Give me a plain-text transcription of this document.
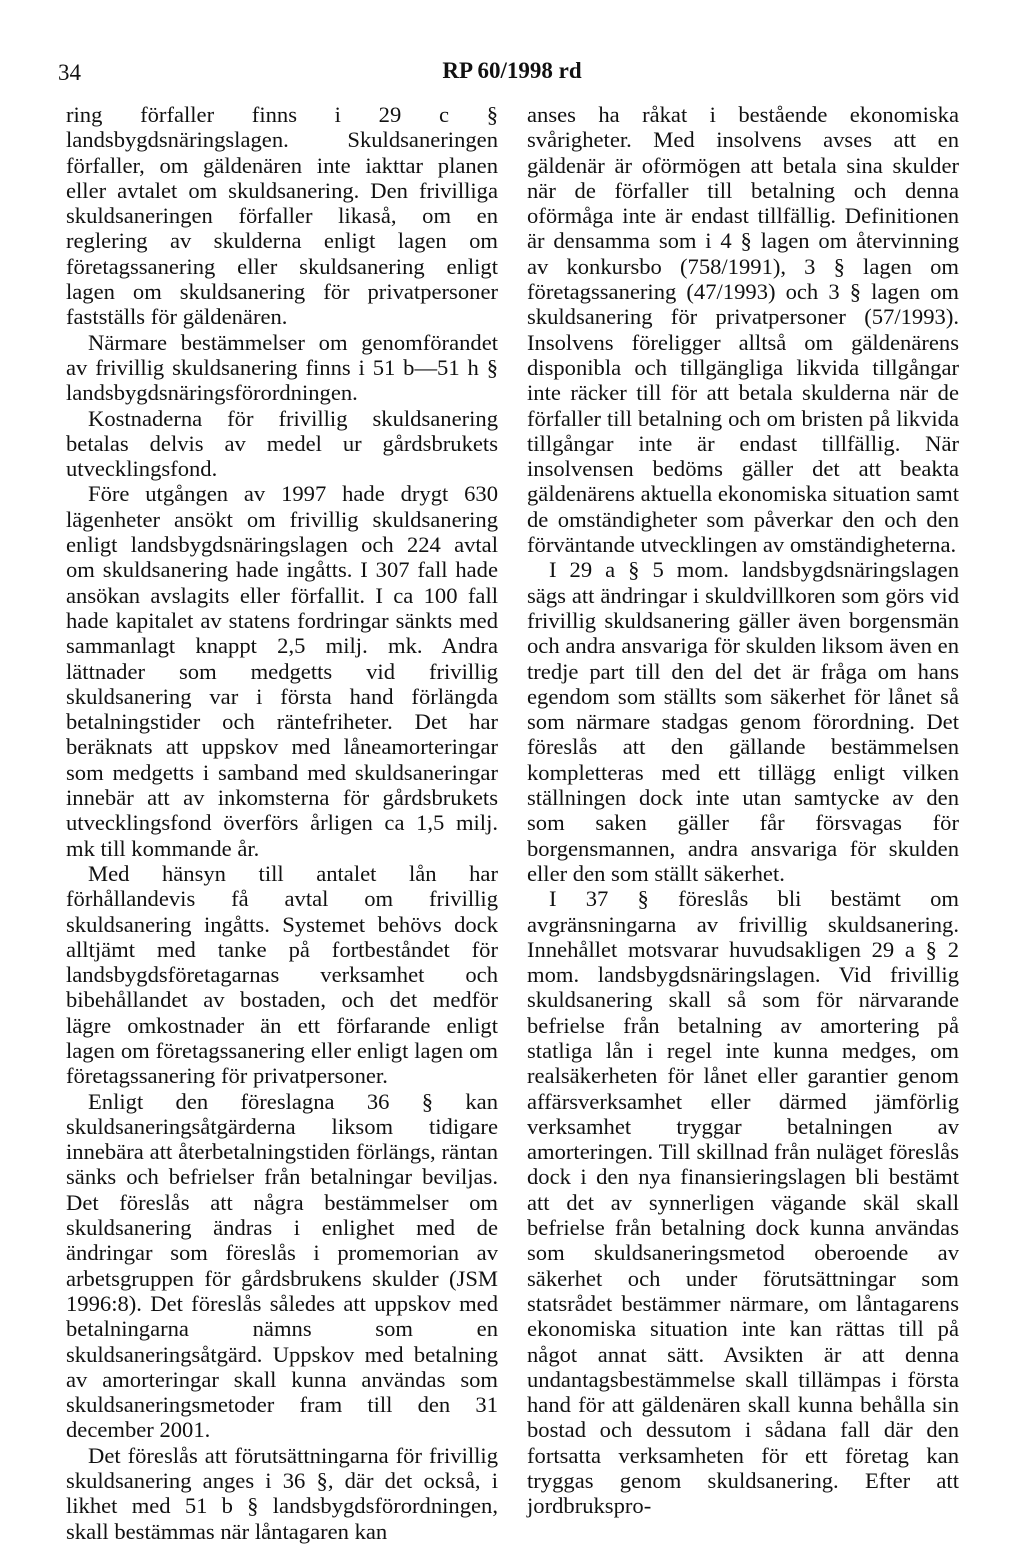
34	RP 60/1998 rd

ring förfaller finns i 29 c § landsbygdsnäringslagen. Skuldsaneringen förfaller, om gäldenären inte iakttar planen eller avtalet om skuldsanering. Den frivilliga skuldsaneringen förfaller likaså, om en reglering av skulderna enligt lagen om företagssanering eller skuldsanering enligt lagen om skuldsanering för privatpersoner fastställs för gäldenären.

Närmare bestämmelser om genomförandet av frivillig skuldsanering finns i 51 b—51 h § landsbygdsnäringsförordningen.

Kostnaderna för frivillig skuldsanering betalas delvis av medel ur gårdsbrukets utvecklingsfond.

Före utgången av 1997 hade drygt 630 lägenheter ansökt om frivillig skuldsanering enligt landsbygdsnäringslagen och 224 avtal om skuldsanering hade ingåtts. I 307 fall hade ansökan avslagits eller förfallit. I ca 100 fall hade kapitalet av statens fordringar sänkts med sammanlagt knappt 2,5 milj. mk. Andra lättnader som medgetts vid frivillig skuldsanering var i första hand förlängda betalningstider och räntefriheter. Det har beräknats att uppskov med låneamorteringar som medgetts i samband med skuldsaneringar innebär att av inkomsterna för gårdsbrukets utvecklingsfond överförs årligen ca 1,5 milj. mk till kommande år.

Med hänsyn till antalet lån har förhållandevis få avtal om frivillig skuldsanering ingåtts. Systemet behövs dock alltjämt med tanke på fortbeståndet för landsbygdsföretagarnas verksamhet och bibehållandet av bostaden, och det medför lägre omkostnader än ett förfarande enligt lagen om företagssanering eller enligt lagen om företagssanering för privatpersoner.

Enligt den föreslagna 36 § kan skuldsaneringsåtgärderna liksom tidigare innebära att återbetalningstiden förlängs, räntan sänks och befrielser från betalningar beviljas. Det föreslås att några bestämmelser om skuldsanering ändras i enlighet med de ändringar som föreslås i promemorian av arbetsgruppen för gårdsbrukens skulder (JSM 1996:8). Det föreslås således att uppskov med betalningarna nämns som en skuldsaneringsåtgärd. Uppskov med betalning av amorteringar skall kunna användas som skuldsaneringsmetoder fram till den 31 december 2001.

Det föreslås att förutsättningarna för frivillig skuldsanering anges i 36 §, där det också, i likhet med 51 b § landsbygdsförordningen, skall bestämmas när låntagaren kan

anses ha råkat i bestående ekonomiska svårigheter. Med insolvens avses att en gäldenär är oförmögen att betala sina skulder när de förfaller till betalning och denna oförmåga inte är endast tillfällig. Definitionen är densamma som i 4 § lagen om återvinning av konkursbo (758/1991), 3 § lagen om företagssanering (47/1993) och 3 § lagen om skuldsanering för privatpersoner (57/1993). Insolvens föreligger alltså om gäldenärens disponibla och tillgängliga likvida tillgångar inte räcker till för att betala skulderna när de förfaller till betalning och om bristen på likvida tillgångar inte är endast tillfällig. När insolvensen bedöms gäller det att beakta gäldenärens aktuella ekonomiska situation samt de omständigheter som påverkar den och den förväntande utvecklingen av omständigheterna.

I 29 a § 5 mom. landsbygdsnäringslagen sägs att ändringar i skuldvillkoren som görs vid frivillig skuldsanering gäller även borgensmän och andra ansvariga för skulden liksom även en tredje part till den del det är fråga om hans egendom som ställts som säkerhet för lånet så som närmare stadgas genom förordning. Det föreslås att den gällande bestämmelsen kompletteras med ett tillägg enligt vilken ställningen dock inte utan samtycke av den som saken gäller får försvagas för borgensmannen, andra ansvariga för skulden eller den som ställt säkerhet.

I 37 § föreslås bli bestämt om avgränsningarna av frivillig skuldsanering. Innehållet motsvarar huvudsakligen 29 a § 2 mom. landsbygdsnäringslagen. Vid frivillig skuldsanering skall så som för närvarande befrielse från betalning av amortering på statliga lån i regel inte kunna medges, om realsäkerheten för lånet eller garantier genom affärsverksamhet eller därmed jämförlig verksamhet tryggar betalningen av amorteringen. Till skillnad från nuläget föreslås dock i den nya finansieringslagen bli bestämt att det av synnerligen vägande skäl skall befrielse från betalning dock kunna användas som skuldsaneringsmetod oberoende av säkerhet och under förutsättningar som statsrådet bestämmer närmare, om låntagarens ekonomiska situation inte kan rättas till på något annat sätt. Avsikten är att denna undantagsbestämmelse skall tillämpas i första hand för att gäldenären skall kunna behålla sin bostad och dessutom i sådana fall där den fortsatta verksamheten för ett företag kan tryggas genom skuldsanering. Efter att jordbrukspro-
